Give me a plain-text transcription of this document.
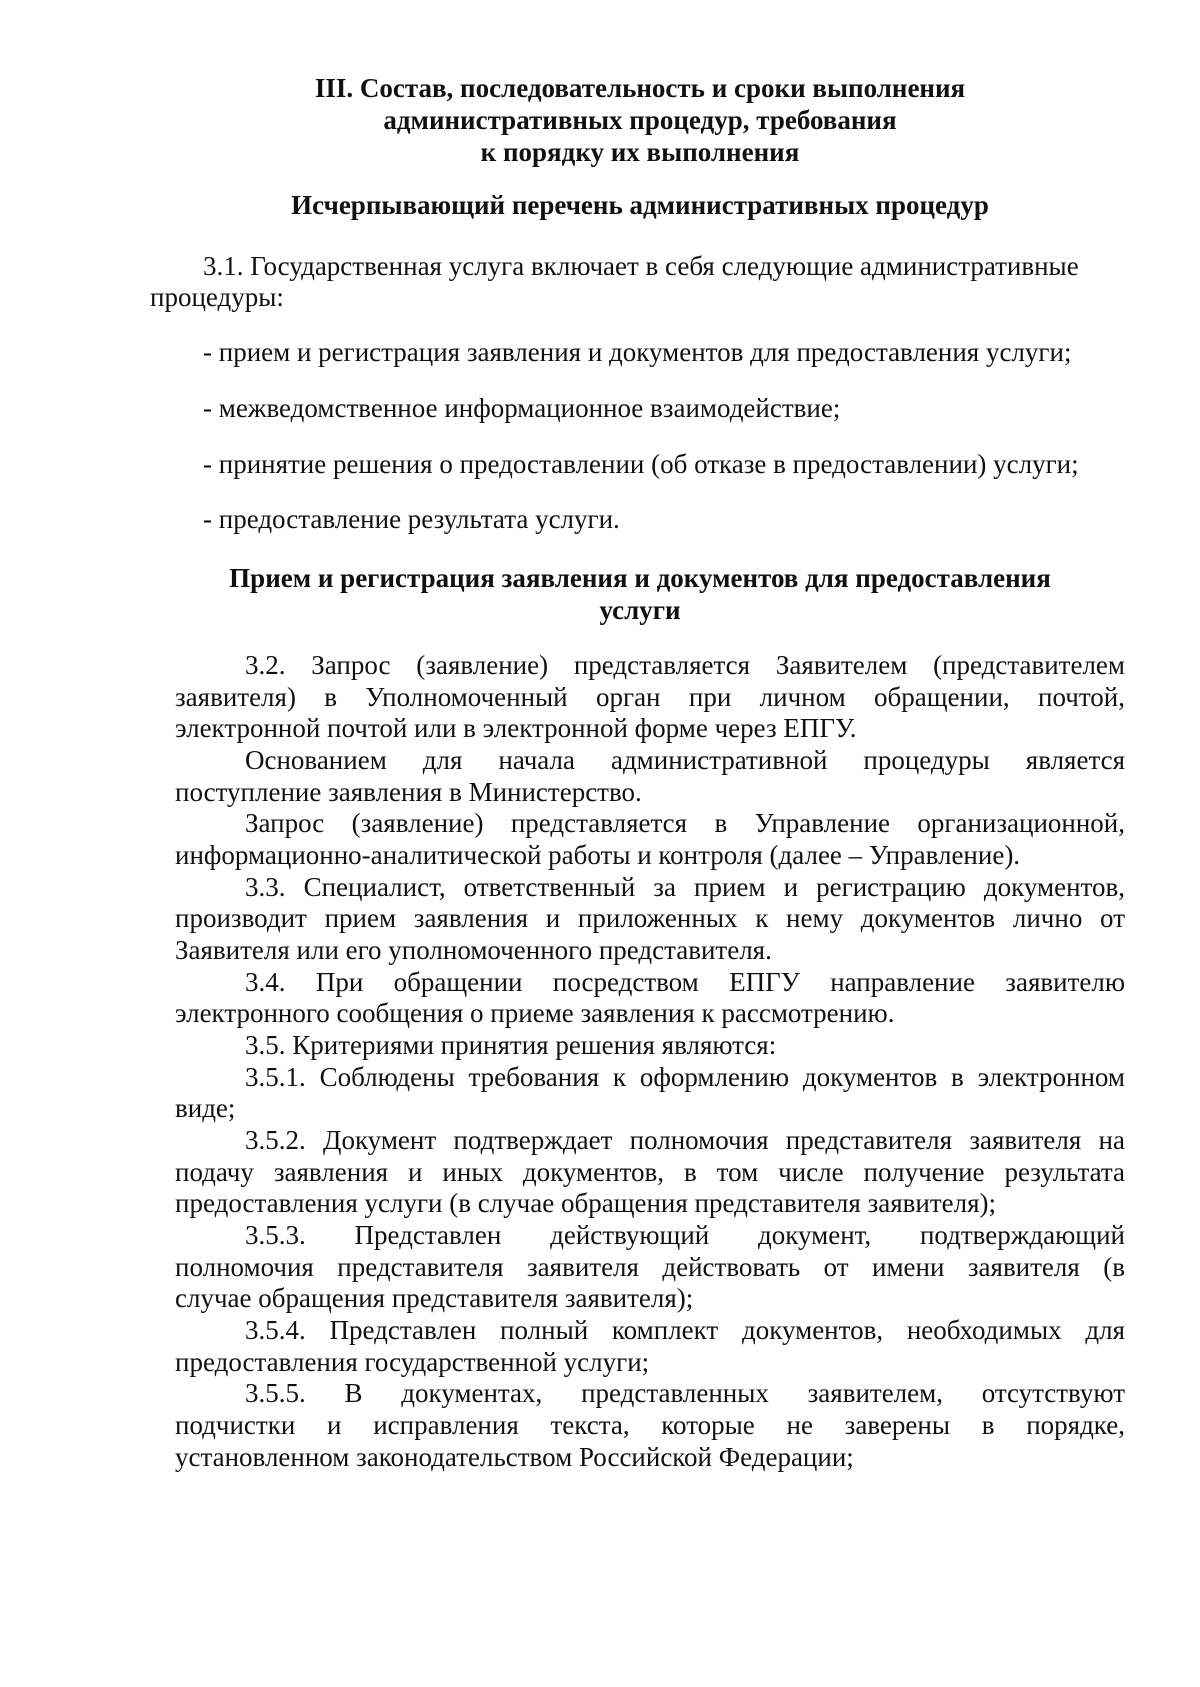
III. Состав, последовательность и сроки выполнения
административных процедур, требования
к порядку их выполнения
Исчерпывающий перечень административных процедур

3.1. Государственная услуга включает в себя следующие административные

процедуры:

- прием и регистрация заявления и документов для предоставления услуги;

- межведомственное информационное взаимодействие;

- принятие решения о предоставлении (об отказе в предоставлении) услуги;

- предоставление результата услуги.

Прием и регистрация заявления и документов для предоставления
услуги

3.2. Запрос (заявление) представляется Заявителем (представителем

заявителя) в Уполномоченный орган при личном обращении, почтой,

электронной почтой или в электронной форме через ЕПГУ.

Основанием для начала административной процедуры является

поступление заявления в Министерство.

Запрос (заявление) представляется в Управление организационной,

информационно-аналитической работы и контроля (далее – Управление).

3.3. Специалист, ответственный за прием и регистрацию документов,

производит прием заявления и приложенных к нему документов лично от

Заявителя или его уполномоченного представителя.

3.4. При обращении посредством ЕПГУ направление заявителю

электронного сообщения о приеме заявления к рассмотрению.

3.5. Критериями принятия решения являются:

3.5.1. Соблюдены требования к оформлению документов в электронном

виде;

3.5.2. Документ подтверждает полномочия представителя заявителя на

подачу заявления и иных документов, в том числе получение результата

предоставления услуги (в случае обращения представителя заявителя);

3.5.3. Представлен действующий документ, подтверждающий

полномочия представителя заявителя действовать от имени заявителя (в

случае обращения представителя заявителя);

3.5.4. Представлен полный комплект документов, необходимых для

предоставления государственной услуги;

3.5.5. В документах, представленных заявителем, отсутствуют

подчистки и исправления текста, которые не заверены в порядке,

установленном законодательством Российской Федерации;
